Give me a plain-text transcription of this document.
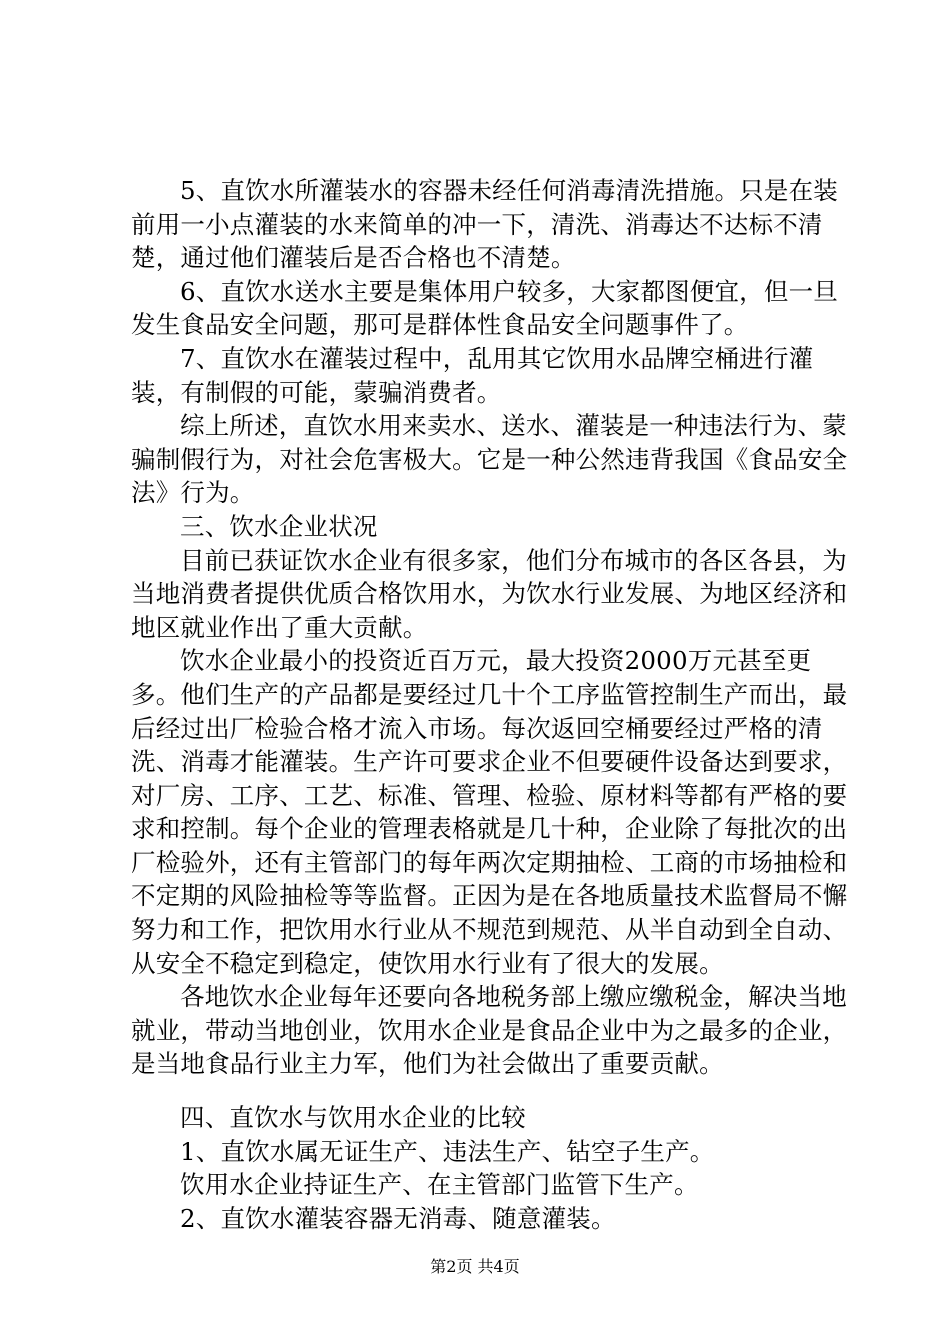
5、直饮水所灌装水的容器未经任何消毒清洗措施。只是在装前用一小点灌装的水来简单的冲一下，清洗、消毒达不达标不清楚，通过他们灌装后是否合格也不清楚。

6、直饮水送水主要是集体用户较多，大家都图便宜，但一旦发生食品安全问题，那可是群体性食品安全问题事件了。

7、直饮水在灌装过程中，乱用其它饮用水品牌空桶进行灌装，有制假的可能，蒙骗消费者。

综上所述，直饮水用来卖水、送水、灌装是一种违法行为、蒙骗制假行为，对社会危害极大。它是一种公然违背我国《食品安全法》行为。

三、饮水企业状况

目前已获证饮水企业有很多家，他们分布城市的各区各县，为当地消费者提供优质合格饮用水，为饮水行业发展、为地区经济和地区就业作出了重大贡献。

饮水企业最小的投资近百万元，最大投资2000万元甚至更多。他们生产的产品都是要经过几十个工序监管控制生产而出，最后经过出厂检验合格才流入市场。每次返回空桶要经过严格的清洗、消毒才能灌装。生产许可要求企业不但要硬件设备达到要求，对厂房、工序、工艺、标准、管理、检验、原材料等都有严格的要求和控制。每个企业的管理表格就是几十种，企业除了每批次的出厂检验外，还有主管部门的每年两次定期抽检、工商的市场抽检和不定期的风险抽检等等监督。正因为是在各地质量技术监督局不懈努力和工作，把饮用水行业从不规范到规范、从半自动到全自动、从安全不稳定到稳定，使饮用水行业有了很大的发展。

各地饮水企业每年还要向各地税务部上缴应缴税金，解决当地就业，带动当地创业，饮用水企业是食品企业中为之最多的企业，是当地食品行业主力军，他们为社会做出了重要贡献。

四、直饮水与饮用水企业的比较

1、直饮水属无证生产、违法生产、钻空子生产。

饮用水企业持证生产、在主管部门监管下生产。

2、直饮水灌装容器无消毒、随意灌装。

第2页 共4页
